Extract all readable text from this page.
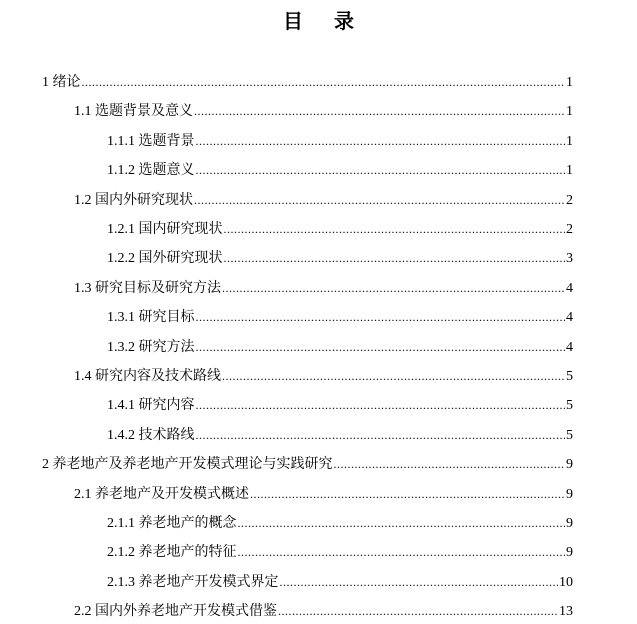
目 录
1 绪论 .....	1
1.1 选题背景及意义 .....	1
1.1.1 选题背景 .....	1
1.1.2 选题意义 .....	1
1.2 国内外研究现状 .....	2
1.2.1 国内研究现状 .....	2
1.2.2 国外研究现状 .....	3
1.3 研究目标及研究方法 .....	4
1.3.1 研究目标 .....	4
1.3.2 研究方法 .....	4
1.4 研究内容及技术路线 .....	5
1.4.1 研究内容 .....	5
1.4.2 技术路线 .....	5
2 养老地产及养老地产开发模式理论与实践研究 .....	9
2.1 养老地产及开发模式概述 .....	9
2.1.1 养老地产的概念 .....	9
2.1.2 养老地产的特征 .....	9
2.1.3 养老地产开发模式界定 .....	10
2.2 国内外养老地产开发模式借鉴 .....	13
